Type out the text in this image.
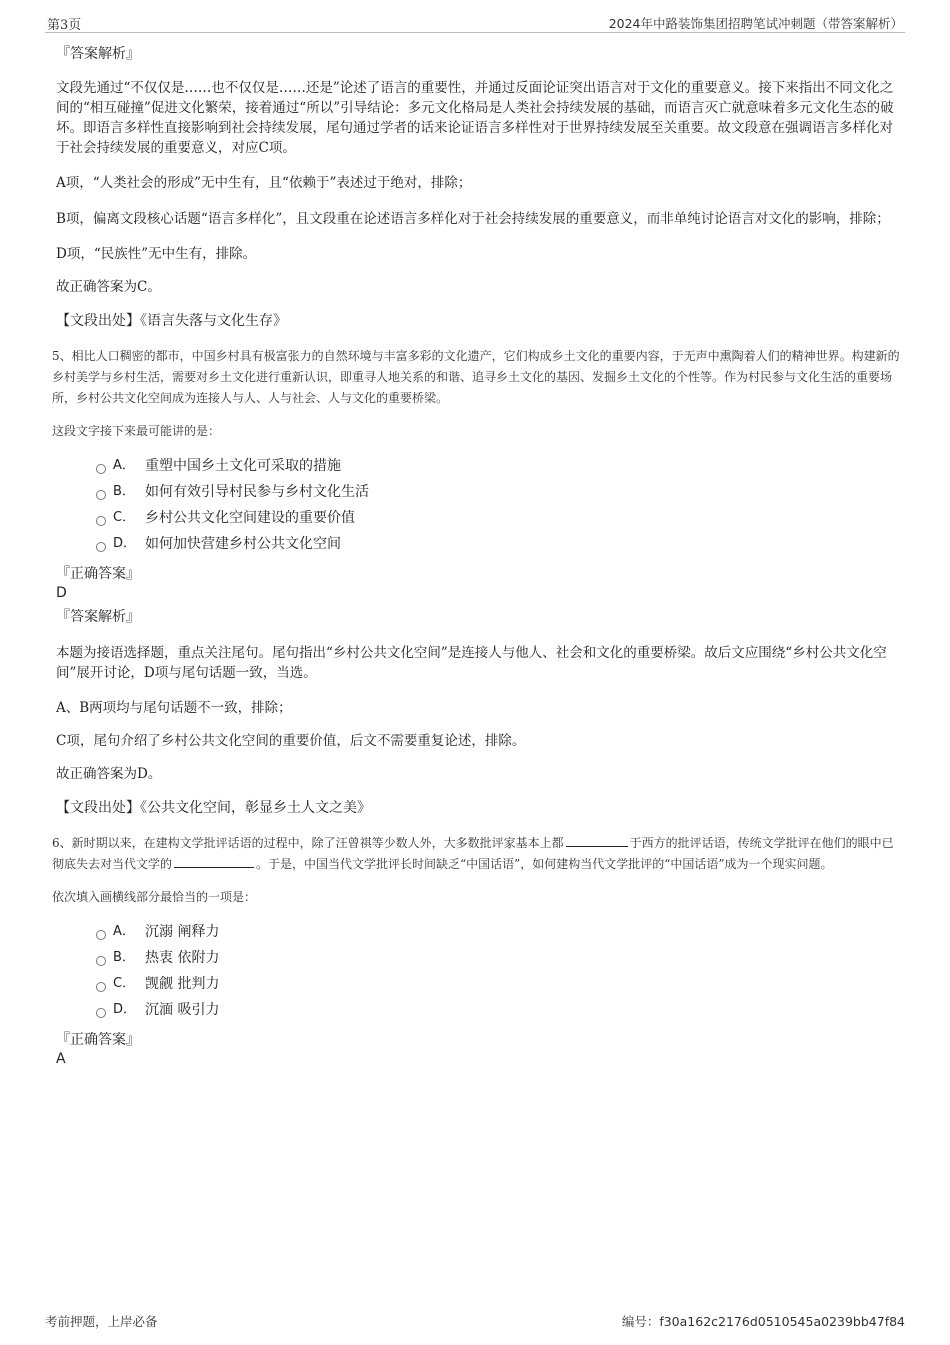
第3页	2024年中路装饰集团招聘笔试冲刺题（带答案解析）

『答案解析』

文段先通过“不仅仅是……也不仅仅是……还是”论述了语言的重要性，并通过反面论证突出语言对于文化的重要意义。接下来指出不同文化之间的“相互碰撞”促进文化繁荣，接着通过“所以”引导结论：多元文化格局是人类社会持续发展的基础，而语言灭亡就意味着多元文化生态的破坏。即语言多样性直接影响到社会持续发展，尾句通过学者的话来论证语言多样性对于世界持续发展至关重要。故文段意在强调语言多样化对于社会持续发展的重要意义，对应C项。

A项，“人类社会的形成”无中生有，且“依赖于”表述过于绝对，排除；

B项，偏离文段核心话题“语言多样化”，且文段重在论述语言多样化对于社会持续发展的重要意义，而非单纯讨论语言对文化的影响，排除；

D项，“民族性”无中生有，排除。

故正确答案为C。

【文段出处】《语言失落与文化生存》

5、相比人口稠密的都市，中国乡村具有极富张力的自然环境与丰富多彩的文化遗产，它们构成乡土文化的重要内容，于无声中熏陶着人们的精神世界。构建新的乡村美学与乡村生活，需要对乡土文化进行重新认识，即重寻人地关系的和谐、追寻乡土文化的基因、发掘乡土文化的个性等。作为村民参与文化生活的重要场所，乡村公共文化空间成为连接人与人、人与社会、人与文化的重要桥梁。

这段文字接下来最可能讲的是：

A． 重塑中国乡土文化可采取的措施
B． 如何有效引导村民参与乡村文化生活
C． 乡村公共文化空间建设的重要价值
D． 如何加快营建乡村公共文化空间

『正确答案』

D

『答案解析』

本题为接语选择题，重点关注尾句。尾句指出“乡村公共文化空间”是连接人与他人、社会和文化的重要桥梁。故后文应围绕“乡村公共文化空间”展开讨论，D项与尾句话题一致，当选。

A、B两项均与尾句话题不一致，排除；

C项，尾句介绍了乡村公共文化空间的重要价值，后文不需要重复论述，排除。

故正确答案为D。

【文段出处】《公共文化空间，彰显乡土人文之美》

6、新时期以来，在建构文学批评话语的过程中，除了汪曾祺等少数人外，大多数批评家基本上都	于西方的批评话语，传统文学批评在他们的眼中已彻底失去对当代文学的	。于是，中国当代文学批评长时间缺乏“中国话语”，如何建构当代文学批评的“中国话语”成为一个现实问题。

依次填入画横线部分最恰当的一项是：

A． 沉溺 阐释力
B． 热衷 依附力
C． 觊觎 批判力
D． 沉湎 吸引力

『正确答案』

A

考前押题，上岸必备	编号：f30a162c2176d0510545a0239bb47f84
